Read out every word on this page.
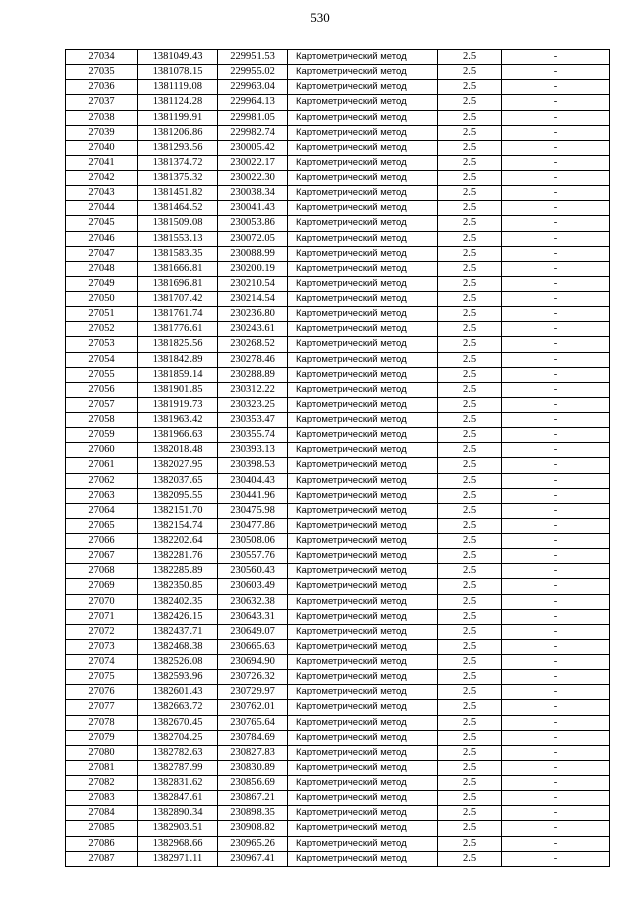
530
27034	1381049.43	229951.53	Картометрический метод	2.5	-
27035	1381078.15	229955.02	Картометрический метод	2.5	-
27036	1381119.08	229963.04	Картометрический метод	2.5	-
27037	1381124.28	229964.13	Картометрический метод	2.5	-
27038	1381199.91	229981.05	Картометрический метод	2.5	-
27039	1381206.86	229982.74	Картометрический метод	2.5	-
27040	1381293.56	230005.42	Картометрический метод	2.5	-
27041	1381374.72	230022.17	Картометрический метод	2.5	-
27042	1381375.32	230022.30	Картометрический метод	2.5	-
27043	1381451.82	230038.34	Картометрический метод	2.5	-
27044	1381464.52	230041.43	Картометрический метод	2.5	-
27045	1381509.08	230053.86	Картометрический метод	2.5	-
27046	1381553.13	230072.05	Картометрический метод	2.5	-
27047	1381583.35	230088.99	Картометрический метод	2.5	-
27048	1381666.81	230200.19	Картометрический метод	2.5	-
27049	1381696.81	230210.54	Картометрический метод	2.5	-
27050	1381707.42	230214.54	Картометрический метод	2.5	-
27051	1381761.74	230236.80	Картометрический метод	2.5	-
27052	1381776.61	230243.61	Картометрический метод	2.5	-
27053	1381825.56	230268.52	Картометрический метод	2.5	-
27054	1381842.89	230278.46	Картометрический метод	2.5	-
27055	1381859.14	230288.89	Картометрический метод	2.5	-
27056	1381901.85	230312.22	Картометрический метод	2.5	-
27057	1381919.73	230323.25	Картометрический метод	2.5	-
27058	1381963.42	230353.47	Картометрический метод	2.5	-
27059	1381966.63	230355.74	Картометрический метод	2.5	-
27060	1382018.48	230393.13	Картометрический метод	2.5	-
27061	1382027.95	230398.53	Картометрический метод	2.5	-
27062	1382037.65	230404.43	Картометрический метод	2.5	-
27063	1382095.55	230441.96	Картометрический метод	2.5	-
27064	1382151.70	230475.98	Картометрический метод	2.5	-
27065	1382154.74	230477.86	Картометрический метод	2.5	-
27066	1382202.64	230508.06	Картометрический метод	2.5	-
27067	1382281.76	230557.76	Картометрический метод	2.5	-
27068	1382285.89	230560.43	Картометрический метод	2.5	-
27069	1382350.85	230603.49	Картометрический метод	2.5	-
27070	1382402.35	230632.38	Картометрический метод	2.5	-
27071	1382426.15	230643.31	Картометрический метод	2.5	-
27072	1382437.71	230649.07	Картометрический метод	2.5	-
27073	1382468.38	230665.63	Картометрический метод	2.5	-
27074	1382526.08	230694.90	Картометрический метод	2.5	-
27075	1382593.96	230726.32	Картометрический метод	2.5	-
27076	1382601.43	230729.97	Картометрический метод	2.5	-
27077	1382663.72	230762.01	Картометрический метод	2.5	-
27078	1382670.45	230765.64	Картометрический метод	2.5	-
27079	1382704.25	230784.69	Картометрический метод	2.5	-
27080	1382782.63	230827.83	Картометрический метод	2.5	-
27081	1382787.99	230830.89	Картометрический метод	2.5	-
27082	1382831.62	230856.69	Картометрический метод	2.5	-
27083	1382847.61	230867.21	Картометрический метод	2.5	-
27084	1382890.34	230898.35	Картометрический метод	2.5	-
27085	1382903.51	230908.82	Картометрический метод	2.5	-
27086	1382968.66	230965.26	Картометрический метод	2.5	-
27087	1382971.11	230967.41	Картометрический метод	2.5	-
